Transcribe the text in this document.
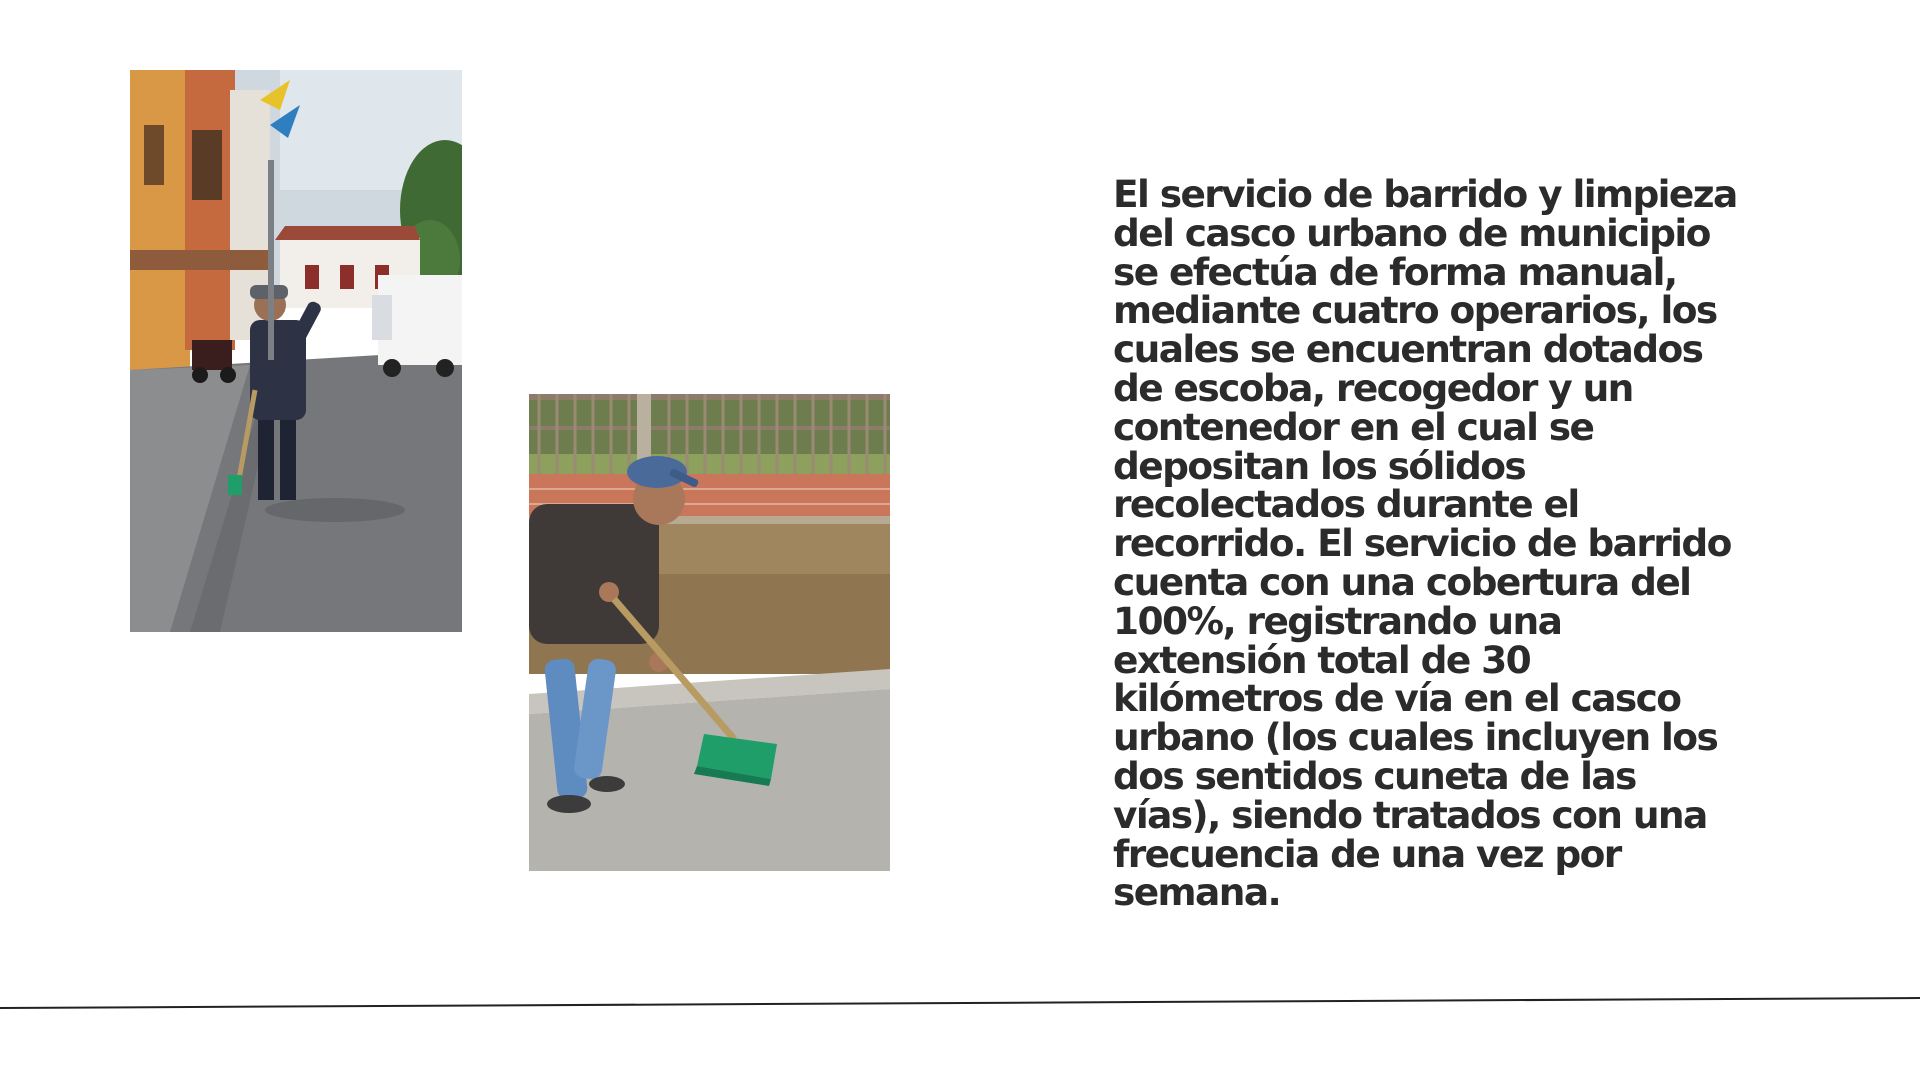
El servicio de barrido y limpieza
del casco urbano de municipio
se efectúa de forma manual,
mediante cuatro operarios, los
cuales se encuentran dotados
de escoba, recogedor y un
contenedor en el cual se
depositan los sólidos
recolectados durante el
recorrido. El servicio de barrido
cuenta con una cobertura del
100%, registrando una
extensión total de 30
kilómetros de vía en el casco
urbano (los cuales incluyen los
dos sentidos cuneta de las
vías), siendo tratados con una
frecuencia de una vez por
semana.
